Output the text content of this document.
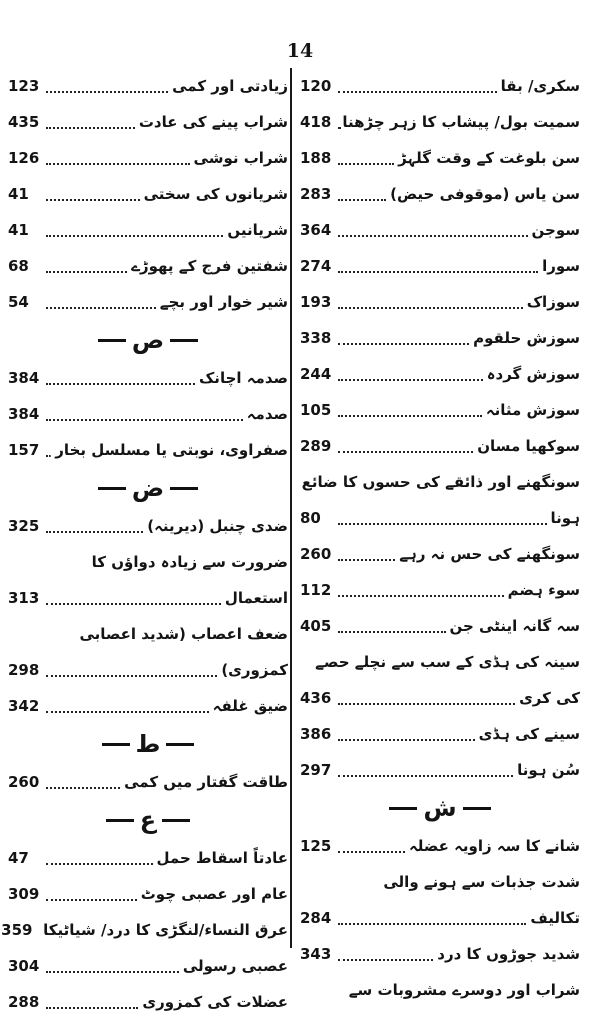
14
زیادتی اور کمی
123
شراب پینے کی عادت
435
شراب نوشی
126
شریانوں کی سختی
41
شریانیں
41
شفتین فرج کے پھوڑے
68
شیر خوار اور بچے
54
ص
صدمہ اچانک
384
صدمہ
384
صفراوی، نوبتی یا مسلسل بخار
157
ض
ضدی چنبل (دیرینہ)
325
ضرورت سے زیادہ دواؤں کا
استعمال
313
ضعف اعصاب (شدید اعصابی
کمزوری)
298
ضیق غلفہ
342
ط
طاقت گفتار میں کمی
260
ع
عادتاً اسقاط حمل
47
عام اور عصبی چوٹ
309
عرق النساء/لنگڑی کا درد/ شیاٹیکا
359
عصبی رسولی
304
عضلات کی کمزوری
288
سکری/ بقا
120
سمیت بول/ پیشاب کا زہر چڑھنا
418
سن بلوغت کے وقت گلہڑ
188
سن یاس (موقوفی حیض)
283
سوجن
364
سورا
274
سوزاک
193
سوزش حلقوم
338
سوزش گردہ
244
سوزش مثانہ
105
سوکھیا مسان
289
سونگھنے اور ذائقے کی حسوں کا ضائع
ہونا
80
سونگھنے کی حس نہ رہے
260
سوء ہضم
112
سہ گانہ اینٹی جن
405
سینہ کی ہڈی کے سب سے نچلے حصے
کی کری
436
سینے کی ہڈی
386
سُن ہونا
297
ش
شانے کا سہ زاویہ عضلہ
125
شدت جذبات سے ہونے والی
تکالیف
284
شدید جوڑوں کا درد
343
شراب اور دوسرے مشروبات سے
